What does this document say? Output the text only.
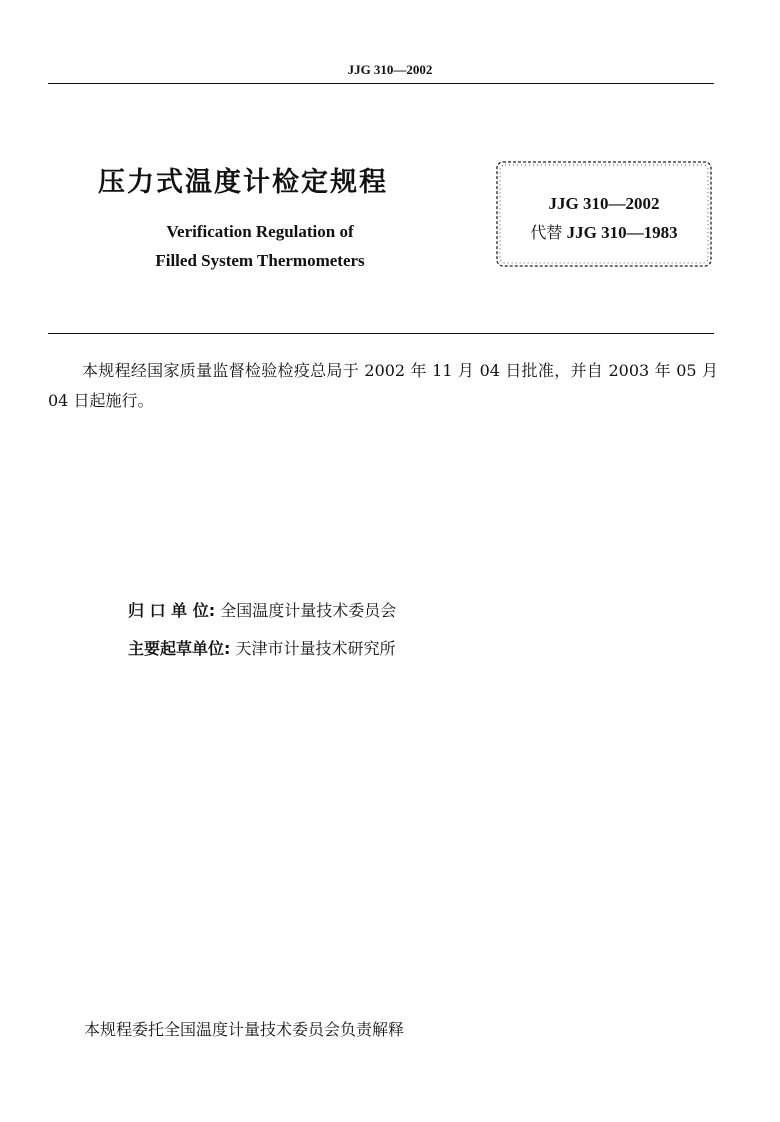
JJG 310—2002
压力式温度计检定规程
Verification Regulation of
Filled System Thermometers
JJG 310—2002
代替 JJG 310—1983
本规程经国家质量监督检验检疫总局于 2002 年 11 月 04 日批准，并自 2003 年 05 月 04 日起施行。
归 口 单 位: 全国温度计量技术委员会
主要起草单位: 天津市计量技术研究所
本规程委托全国温度计量技术委员会负责解释
